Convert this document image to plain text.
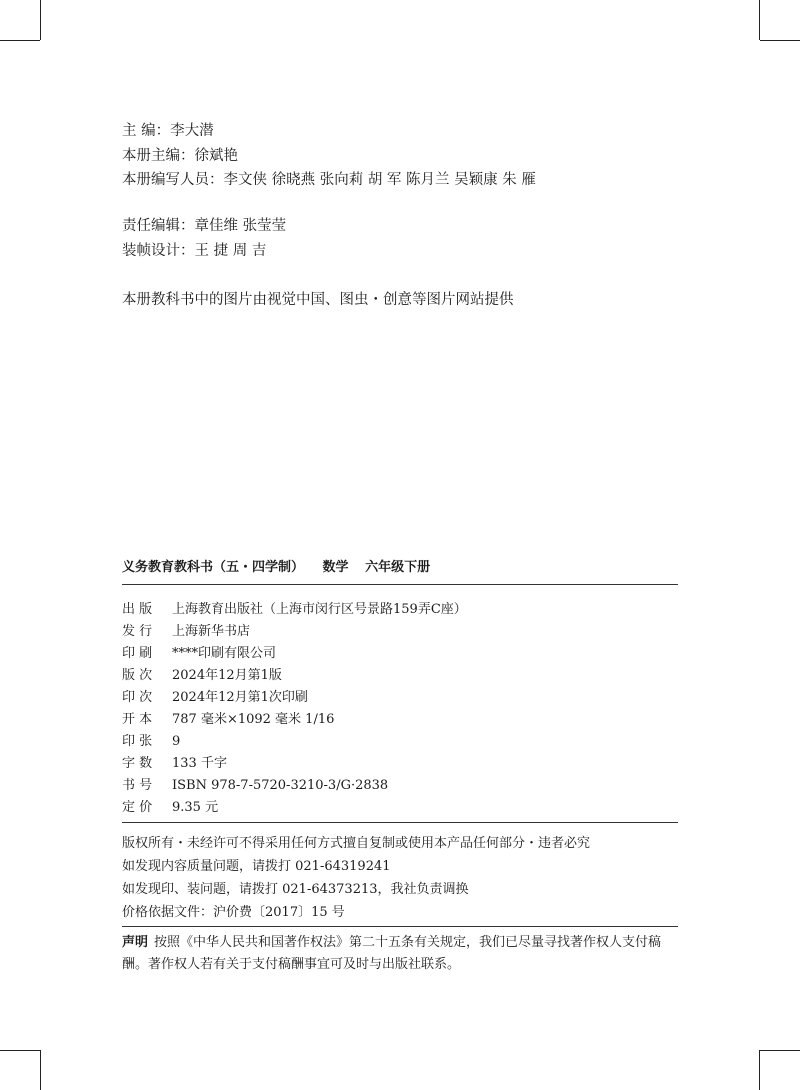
主 编：李大潜
本册主编：徐斌艳
本册编写人员：李文侠 徐晓燕 张向莉 胡 军 陈月兰 吴颖康 朱 雁
责任编辑：章佳维 张莹莹
装帧设计：王 捷 周 吉
本册教科书中的图片由视觉中国、图虫・创意等图片网站提供
义务教育教科书（五・四学制） 数学 六年级下册
出 版 上海教育出版社（上海市闵行区号景路159弄C座）
发 行 上海新华书店
印 刷 ****印刷有限公司
版 次 2024年12月第1版
印 次 2024年12月第1次印刷
开 本 787 毫米×1092 毫米 1/16
印 张 9
字 数 133 千字
书 号 ISBN 978-7-5720-3210-3/G·2838
定 价 9.35 元
版权所有・未经许可不得采用任何方式擅自复制或使用本产品任何部分・违者必究
如发现内容质量问题，请拨打 021-64319241
如发现印、装问题，请拨打 021-64373213，我社负责调换
价格依据文件：沪价费〔2017〕15 号
声明 按照《中华人民共和国著作权法》第二十五条有关规定，我们已尽量寻找著作权人支付稿酬。著作权人若有关于支付稿酬事宜可及时与出版社联系。
